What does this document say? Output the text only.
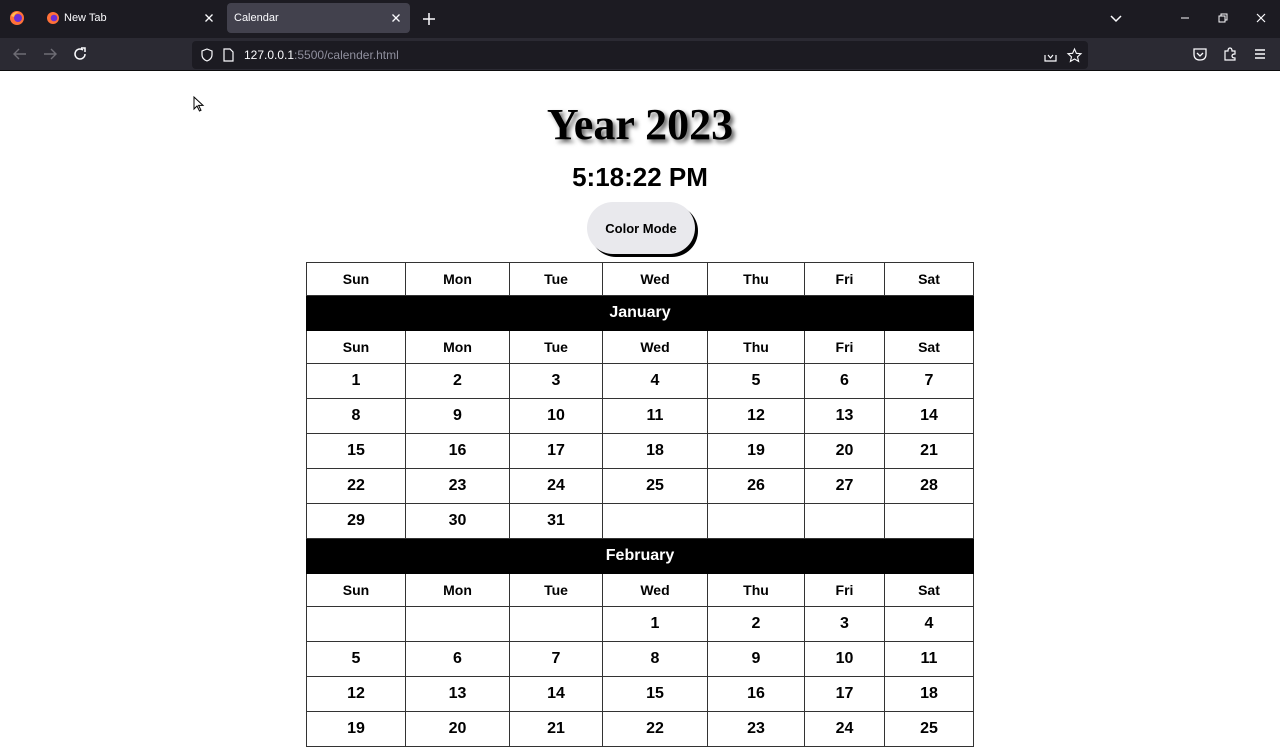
New Tab	Calendar
127.0.0.1:5500/calender.html
Year 2023
5:18:22 PM
Color Mode
Sun	Mon	Tue	Wed	Thu	Fri	Sat
January						
Sun	Mon	Tue	Wed	Thu	Fri	Sat
1	2	3	4	5	6	7
8	9	10	11	12	13	14
15	16	17	18	19	20	21
22	23	24	25	26	27	28
29	30	31				
February						
Sun	Mon	Tue	Wed	Thu	Fri	Sat
			1	2	3	4
5	6	7	8	9	10	11
12	13	14	15	16	17	18
19	20	21	22	23	24	25
